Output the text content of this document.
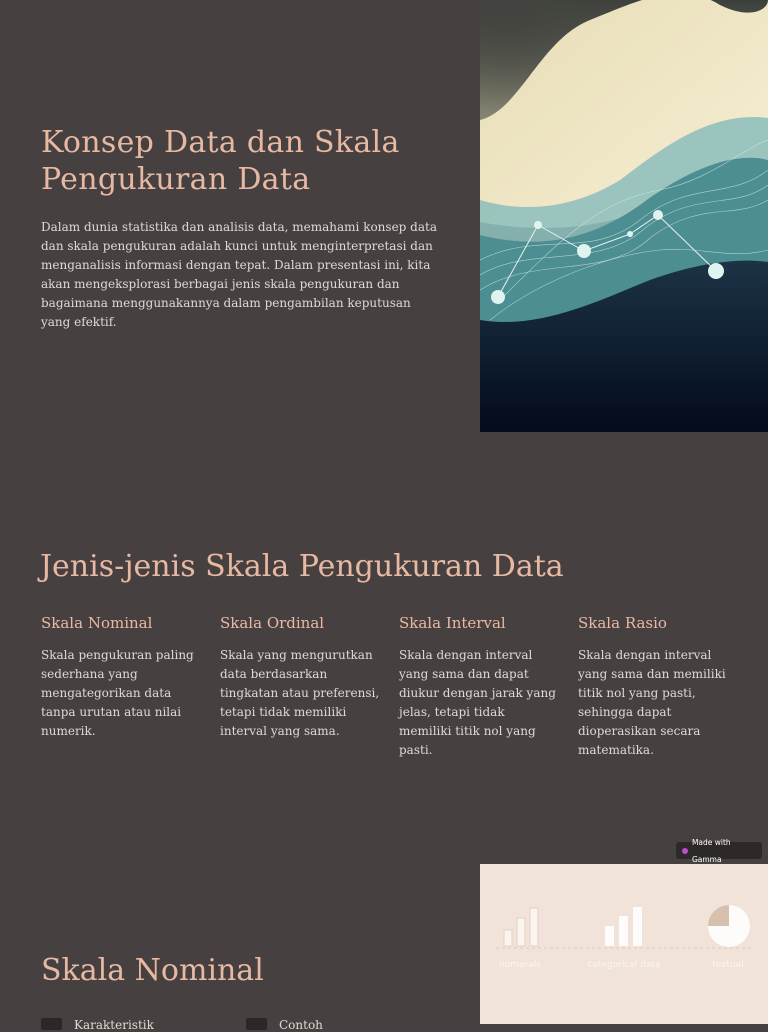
Konsep Data dan Skala Pengukuran Data

Dalam dunia statistika dan analisis data, memahami konsep data dan skala pengukuran adalah kunci untuk menginterpretasi dan menganalisis informasi dengan tepat. Dalam presentasi ini, kita akan mengeksplorasi berbagai jenis skala pengukuran dan bagaimana menggunakannya dalam pengambilan keputusan yang efektif.

Jenis-jenis Skala Pengukuran Data
Skala Nominal

Skala pengukuran paling sederhana yang mengategorikan data tanpa urutan atau nilai numerik.

Skala Ordinal

Skala yang mengurutkan data berdasarkan tingkatan atau preferensi, tetapi tidak memiliki interval yang sama.

Skala Interval

Skala dengan interval yang sama dan dapat diukur dengan jarak yang jelas, tetapi tidak memiliki titik nol yang pasti.

Skala Rasio

Skala dengan interval yang sama dan memiliki titik nol yang pasti, sehingga dapat dioperasikan secara matematika.

Made with Gamma
Skala Nominal
Karakteristik	Contoh
numerals	categorical data	textual
